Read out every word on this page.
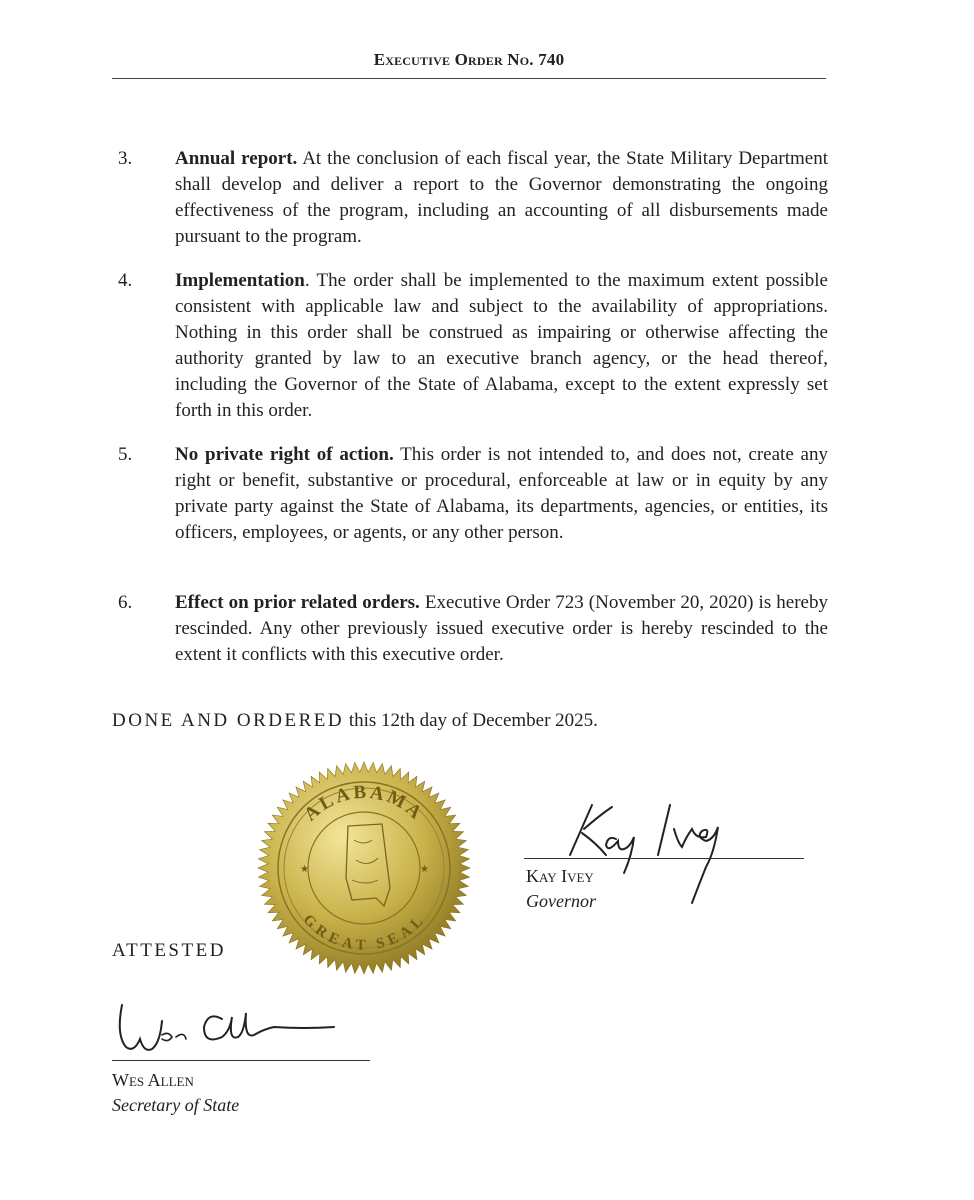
Executive Order No. 740
3. Annual report. At the conclusion of each fiscal year, the State Military Department shall develop and deliver a report to the Governor demonstrating the ongoing effectiveness of the program, including an accounting of all disbursements made pursuant to the program.
4. Implementation. The order shall be implemented to the maximum extent possible consistent with applicable law and subject to the availability of appropriations. Nothing in this order shall be construed as impairing or otherwise affecting the authority granted by law to an executive branch agency, or the head thereof, including the Governor of the State of Alabama, except to the extent expressly set forth in this order.
5. No private right of action. This order is not intended to, and does not, create any right or benefit, substantive or procedural, enforceable at law or in equity by any private party against the State of Alabama, its departments, agencies, or entities, its officers, employees, or agents, or any other person.
6. Effect on prior related orders. Executive Order 723 (November 20, 2020) is hereby rescinded. Any other previously issued executive order is hereby rescinded to the extent it conflicts with this executive order.
DONE AND ORDERED this 12th day of December 2025.
ALABAMA
GREAT SEAL
★	★	Kay Ivey
Governor
ATTESTED
Wes Allen
Secretary of State
